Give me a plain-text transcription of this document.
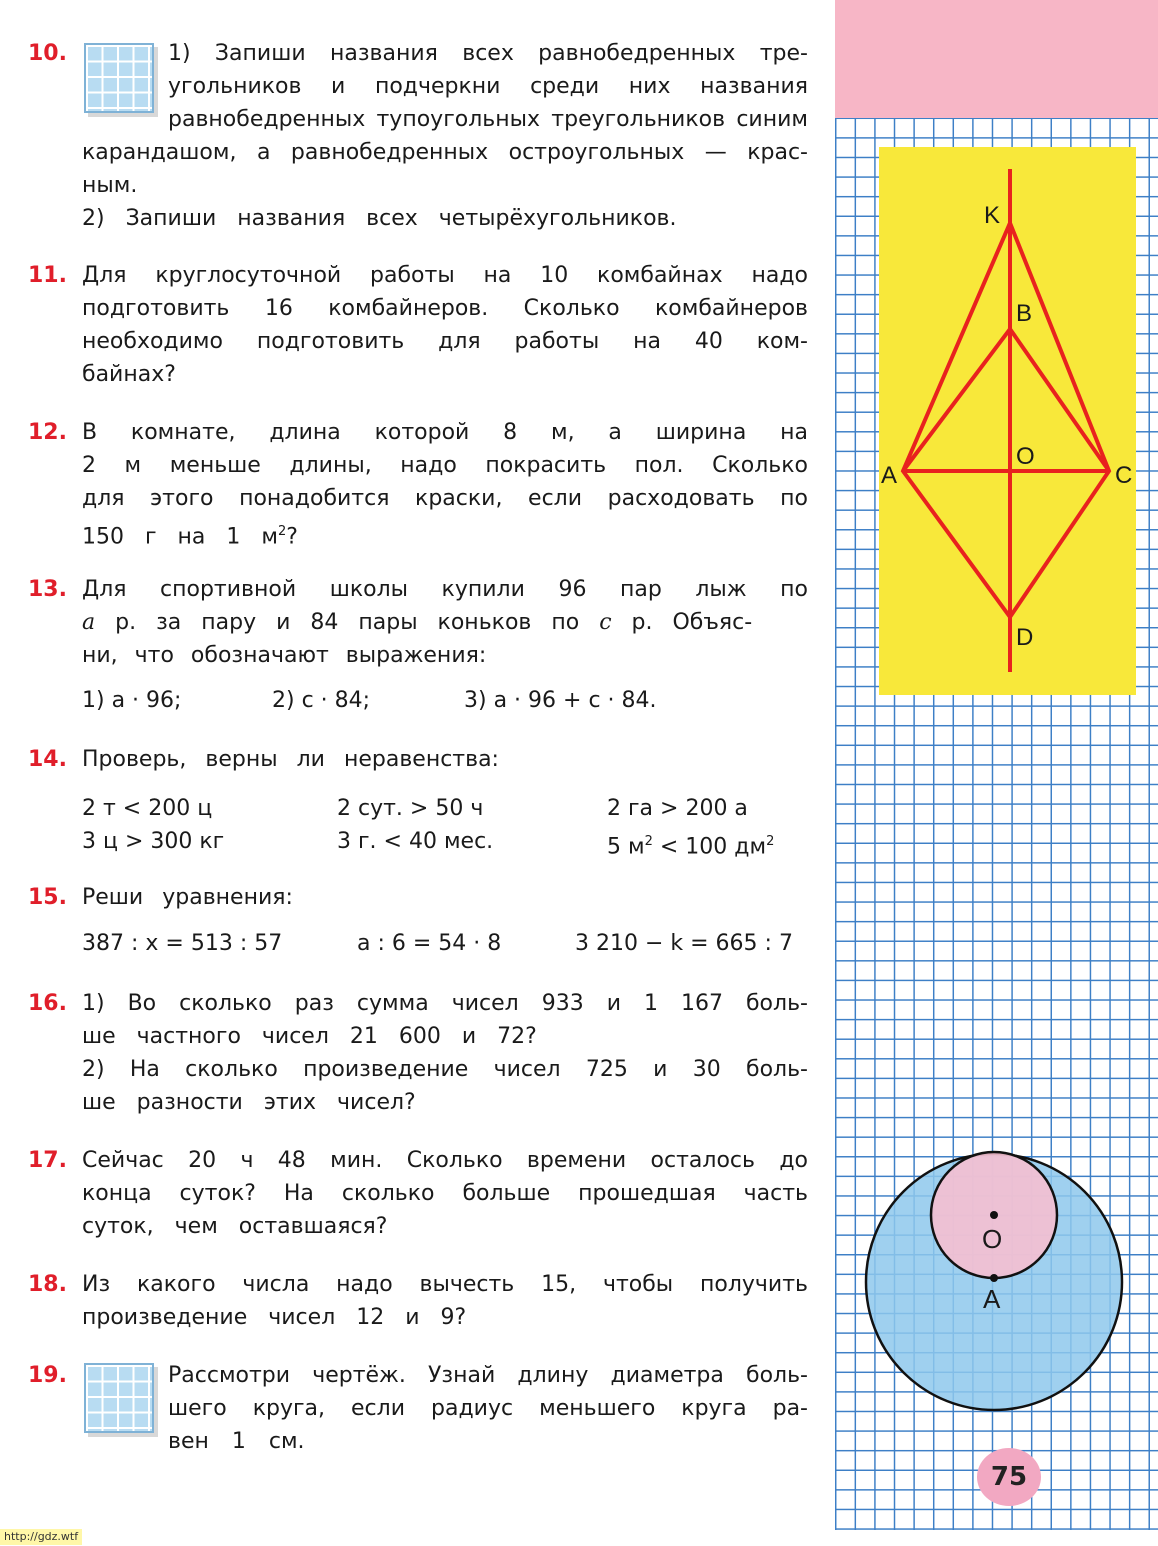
10.	1) Запиши названия всех равнобедренных тре-
угольников и подчеркни среди них названия
равнобедренных тупоугольных треугольников синим
карандашом, а равнобедренных остроугольных — крас-
ным.
2) Запиши названия всех четырёхугольников.
11. Для круглосуточной работы на 10 комбайнах надо
подготовить 16 комбайнеров. Сколько комбайнеров
необходимо подготовить для работы на 40 ком-
байнах?
12. В комнате, длина которой 8 м, а ширина на
2 м меньше длины, надо покрасить пол. Сколько
для этого понадобится краски, если расходовать по
150 г на 1 $м^2$?
13. Для спортивной школы купили 96 пар лыж по
a р. за пару и 84 пары коньков по c р. Объяс-
ни, что обозначают выражения:
1) a · 96;	2) c · 84;	3) a · 96 + c · 84.
14. Проверь, верны ли неравенства:
2 т < 200 ц	2 сут. > 50 ч	2 га > 200 а
3 ц > 300 кг	3 г. < 40 мес.	5 $м^2 < 100$ $дм^2$
15. Реши уравнения:
387 : x = 513 : 57	a : 6 = 54 · 8	3 210 − k = 665 : 7
16. 1) Во сколько раз сумма чисел 933 и 1 167 боль-
ше частного чисел 21 600 и 72?
2) На сколько произведение чисел 725 и 30 боль-
ше разности этих чисел?
17. Сейчас 20 ч 48 мин. Сколько времени осталось до
конца суток? На сколько больше прошедшая часть
суток, чем оставшаяся?
18. Из какого числа надо вычесть 15, чтобы получить
произведение чисел 12 и 9?
19.	Рассмотри чертёж. Узнай длину диаметра боль-
шего круга, если радиус меньшего круга ра-
вен 1 см.
K
B
A
O
C
D
O
A
75
http://gdz.wtf
